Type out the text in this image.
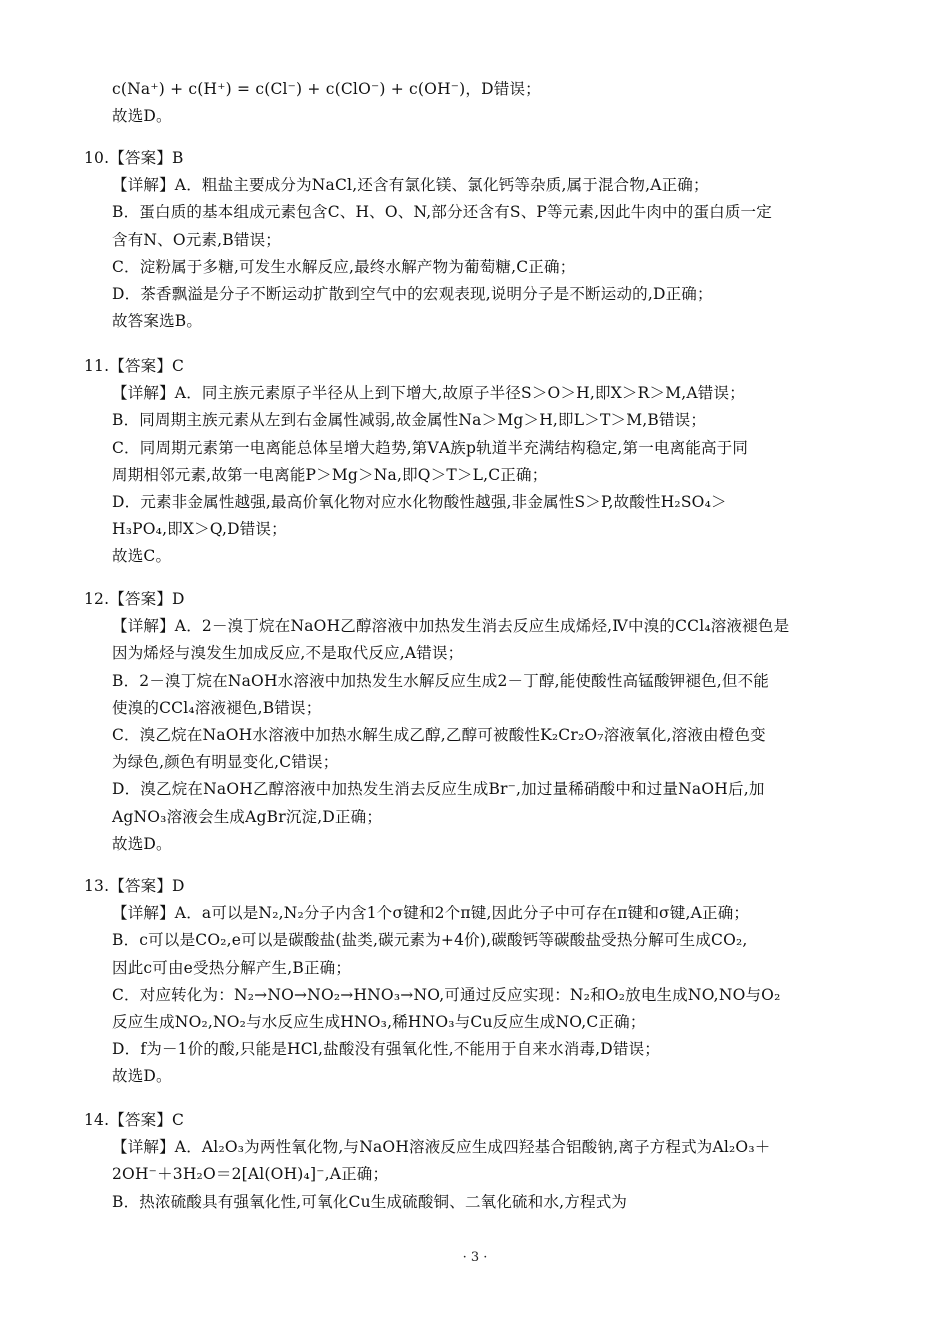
c(Na⁺) + c(H⁺) = c(Cl⁻) + c(ClO⁻) + c(OH⁻)，D错误；
故选D。
10.【答案】B
【详解】A．粗盐主要成分为NaCl,还含有氯化镁、氯化钙等杂质,属于混合物,A正确；
B．蛋白质的基本组成元素包含C、H、O、N,部分还含有S、P等元素,因此牛肉中的蛋白质一定
含有N、O元素,B错误；
C．淀粉属于多糖,可发生水解反应,最终水解产物为葡萄糖,C正确；
D．茶香飘溢是分子不断运动扩散到空气中的宏观表现,说明分子是不断运动的,D正确；
故答案选B。
11.【答案】C
【详解】A．同主族元素原子半径从上到下增大,故原子半径S＞O＞H,即X＞R＞M,A错误；
B．同周期主族元素从左到右金属性减弱,故金属性Na＞Mg＞H,即L＞T＞M,B错误；
C．同周期元素第一电离能总体呈增大趋势,第ⅤA族p轨道半充满结构稳定,第一电离能高于同
周期相邻元素,故第一电离能P＞Mg＞Na,即Q＞T＞L,C正确；
D．元素非金属性越强,最高价氧化物对应水化物酸性越强,非金属性S＞P,故酸性H₂SO₄＞
H₃PO₄,即X＞Q,D错误；
故选C。
12.【答案】D
【详解】A．2－溴丁烷在NaOH乙醇溶液中加热发生消去反应生成烯烃,Ⅳ中溴的CCl₄溶液褪色是
因为烯烃与溴发生加成反应,不是取代反应,A错误；
B．2－溴丁烷在NaOH水溶液中加热发生水解反应生成2－丁醇,能使酸性高锰酸钾褪色,但不能
使溴的CCl₄溶液褪色,B错误；
C．溴乙烷在NaOH水溶液中加热水解生成乙醇,乙醇可被酸性K₂Cr₂O₇溶液氧化,溶液由橙色变
为绿色,颜色有明显变化,C错误；
D．溴乙烷在NaOH乙醇溶液中加热发生消去反应生成Br⁻,加过量稀硝酸中和过量NaOH后,加
AgNO₃溶液会生成AgBr沉淀,D正确；
故选D。
13.【答案】D
【详解】A．a可以是N₂,N₂分子内含1个σ键和2个π键,因此分子中可存在π键和σ键,A正确；
B．c可以是CO₂,e可以是碳酸盐(盐类,碳元素为+4价),碳酸钙等碳酸盐受热分解可生成CO₂,
因此c可由e受热分解产生,B正确；
C．对应转化为：N₂→NO→NO₂→HNO₃→NO,可通过反应实现：N₂和O₂放电生成NO,NO与O₂
反应生成NO₂,NO₂与水反应生成HNO₃,稀HNO₃与Cu反应生成NO,C正确；
D．f为－1价的酸,只能是HCl,盐酸没有强氧化性,不能用于自来水消毒,D错误；
故选D。
14.【答案】C
【详解】A．Al₂O₃为两性氧化物,与NaOH溶液反应生成四羟基合铝酸钠,离子方程式为Al₂O₃＋
2OH⁻＋3H₂O＝2[Al(OH)₄]⁻,A正确；
B．热浓硫酸具有强氧化性,可氧化Cu生成硫酸铜、二氧化硫和水,方程式为
· 3 ·
